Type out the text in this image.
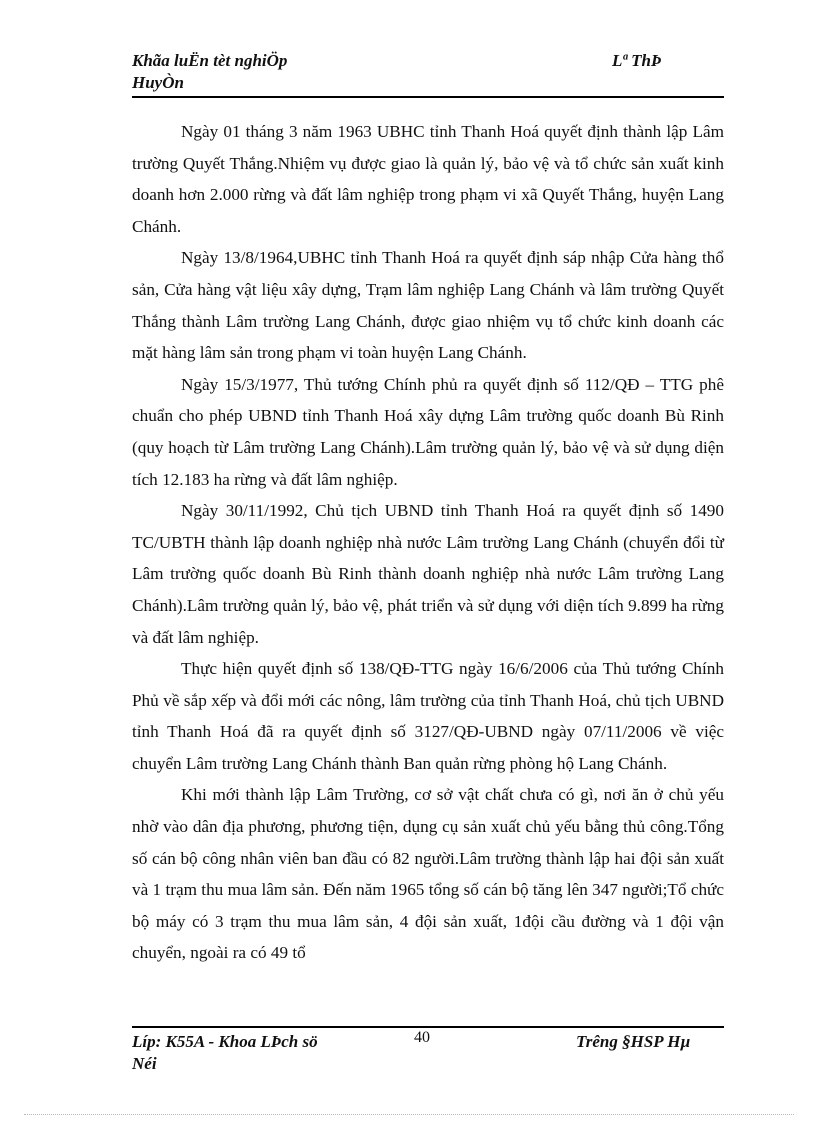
Khãa luËn tèt nghiÖp
HuyÒn
Lª ThÞ

Ngày 01 tháng 3 năm 1963 UBHC tỉnh Thanh Hoá quyết định thành lập Lâm trường Quyết Thắng.Nhiệm vụ được giao là quản lý, bảo vệ và tổ chức sản xuất kinh doanh hơn 2.000 rừng và đất lâm nghiệp trong phạm vi xã Quyết Thắng, huyện Lang Chánh.

Ngày 13/8/1964,UBHC tỉnh Thanh Hoá ra quyết định sáp nhập Cửa hàng thổ sản, Cửa hàng vật liệu xây dựng, Trạm lâm nghiệp Lang Chánh và lâm trường Quyết Thắng thành Lâm trường Lang Chánh, được giao nhiệm vụ tổ chức kinh doanh các mặt hàng lâm sản trong phạm vi toàn huyện Lang Chánh.

Ngày 15/3/1977, Thủ tướng Chính phủ ra quyết định số 112/QĐ – TTG phê chuẩn cho phép UBND tỉnh Thanh Hoá xây dựng Lâm trường quốc doanh Bù Rinh (quy hoạch từ Lâm trường Lang Chánh).Lâm trường quản lý, bảo vệ và sử dụng diện tích 12.183 ha rừng và đất lâm nghiệp.

Ngày 30/11/1992, Chủ tịch UBND tỉnh Thanh Hoá ra quyết định số 1490 TC/UBTH thành lập doanh nghiệp nhà nước Lâm trường Lang Chánh (chuyển đổi từ Lâm trường quốc doanh Bù Rinh thành doanh nghiệp nhà nước Lâm trường Lang Chánh).Lâm trường quản lý, bảo vệ, phát triển và sử dụng với diện tích 9.899 ha rừng và đất lâm nghiệp.

Thực hiện quyết định số 138/QĐ-TTG ngày 16/6/2006 của Thủ tướng Chính Phủ về sắp xếp và đổi mới các nông, lâm trường của tỉnh Thanh Hoá, chủ tịch UBND tỉnh Thanh Hoá đã ra quyết định số 3127/QĐ-UBND ngày 07/11/2006 về việc chuyển Lâm trường Lang Chánh thành Ban quản rừng phòng hộ Lang Chánh.

Khi mới thành lập Lâm Trường, cơ sở vật chất chưa có gì, nơi ăn ở chủ yếu nhờ vào dân địa phương, phương tiện, dụng cụ sản xuất chủ yếu bằng thủ công.Tổng số cán bộ công nhân viên ban đầu có 82 người.Lâm trường thành lập hai đội sản xuất và 1 trạm thu mua lâm sản. Đến năm 1965 tổng số cán bộ tăng lên 347 người;Tổ chức bộ máy có 3 trạm thu mua lâm sản, 4 đội sản xuất, 1đội cầu đường và 1 đội vận chuyển, ngoài ra có 49 tổ

Líp: K55A - Khoa LÞch sö
Néi
40	Trêng §HSP Hµ
